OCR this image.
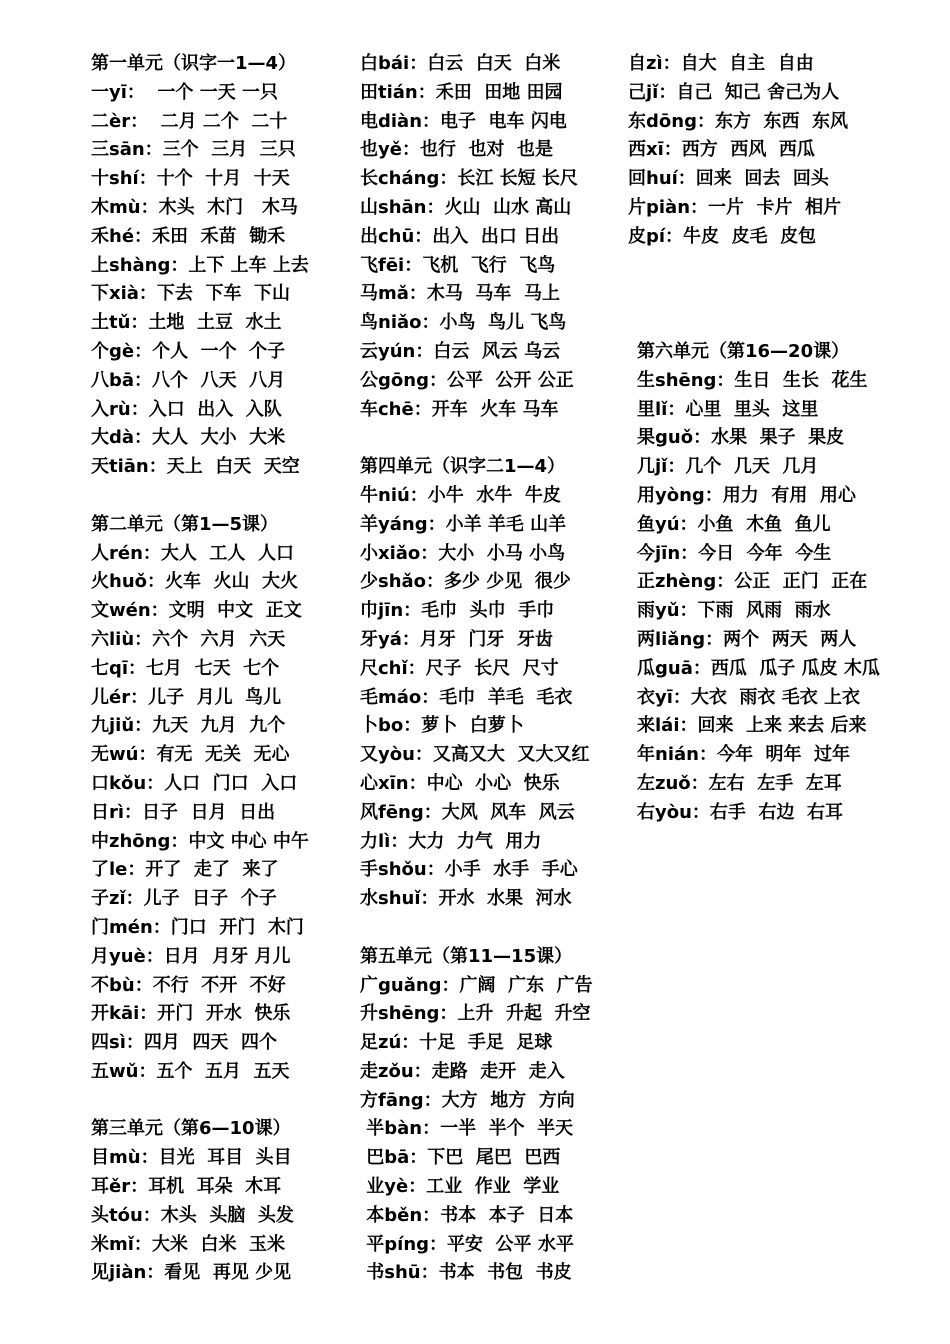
第一单元（识字一1—4）
一yī：  一个 一天 一只
二èr：  二月 二个  二十
三sān：三个  三月  三只
十shí：十个  十月  十天
木mù：木头  木门   木马
禾hé：禾田  禾苗  锄禾
上shàng：上下 上车 上去
下xià：下去  下车  下山
土tǔ：土地  土豆  水土
个gè：个人  一个  个子
八bā：八个  八天  八月
入rù：入口  出入  入队
大dà：大人  大小  大米
天tiān：天上  白天  天空
第二单元（第1—5课）
人rén：大人  工人  人口
火huǒ：火车  火山  大火
文wén：文明  中文  正文
六liù：六个  六月  六天
七qī：七月  七天  七个
儿ér：儿子  月儿  鸟儿
九jiǔ：九天  九月  九个
无wú：有无  无关  无心
口kǒu：人口  门口  入口
日rì：日子  日月  日出
中zhōng：中文 中心 中午
了le：开了  走了  来了
子zǐ：儿子  日子  个子
门mén：门口  开门  木门
月yuè：日月  月牙 月儿
不bù：不行  不开  不好
开kāi：开门  开水  快乐
四sì：四月  四天  四个
五wǔ：五个  五月  五天
第三单元（第6—10课）
目mù：目光  耳目  头目
耳ěr：耳机  耳朵  木耳
头tóu：木头  头脑  头发
米mǐ：大米  白米  玉米
见jiàn：看见  再见 少见
白bái：白云  白天  白米
田tián：禾田  田地 田园
电diàn：电子  电车 闪电
也yě：也行  也对  也是
长cháng：长江 长短 长尺
山shān：火山  山水 高山
出chū：出入  出口 日出
飞fēi：飞机  飞行  飞鸟
马mǎ：木马  马车  马上
鸟niǎo：小鸟  鸟儿 飞鸟
云yún：白云  风云 乌云
公gōng：公平  公开 公正
车chē：开车  火车 马车
第四单元（识字二1—4）
牛niú：小牛  水牛  牛皮
羊yáng：小羊 羊毛 山羊
小xiǎo：大小  小马 小鸟
少shǎo：多少 少见  很少
巾jīn：毛巾  头巾  手巾
牙yá：月牙  门牙  牙齿
尺chǐ：尺子  长尺  尺寸
毛máo：毛巾  羊毛  毛衣
卜bo：萝卜  白萝卜
又yòu：又高又大  又大又红
心xīn：中心  小心  快乐
风fēng：大风  风车  风云
力lì：大力  力气  用力
手shǒu：小手  水手  手心
水shuǐ：开水  水果  河水
第五单元（第11—15课）
广guǎng：广阔  广东  广告
升shēng：上升  升起  升空
足zú：十足  手足  足球
走zǒu：走路  走开  走入
方fāng：大方  地方  方向
半bàn：一半  半个  半天
巴bā：下巴  尾巴  巴西
业yè：工业  作业  学业
本běn：书本  本子  日本
平píng：平安  公平 水平
书shū：书本  书包  书皮
自zì：自大  自主  自由
己jǐ：自己  知己 舍己为人
东dōng：东方  东西  东风
西xī：西方  西风  西瓜
回huí：回来  回去  回头
片piàn：一片  卡片  相片
皮pí：牛皮  皮毛  皮包
第六单元（第16—20课）
生shēng：生日  生长  花生
里lǐ：心里  里头  这里
果guǒ：水果  果子  果皮
几jǐ：几个  几天  几月
用yòng：用力  有用  用心
鱼yú：小鱼  木鱼  鱼儿
今jīn：今日  今年  今生
正zhèng：公正  正门  正在
雨yǔ：下雨  风雨  雨水
两liǎng：两个  两天  两人
瓜guā：西瓜  瓜子 瓜皮 木瓜
衣yī：大衣  雨衣 毛衣 上衣
来lái：回来  上来 来去 后来
年nián：今年  明年  过年
左zuǒ：左右  左手  左耳
右yòu：右手  右边  右耳
